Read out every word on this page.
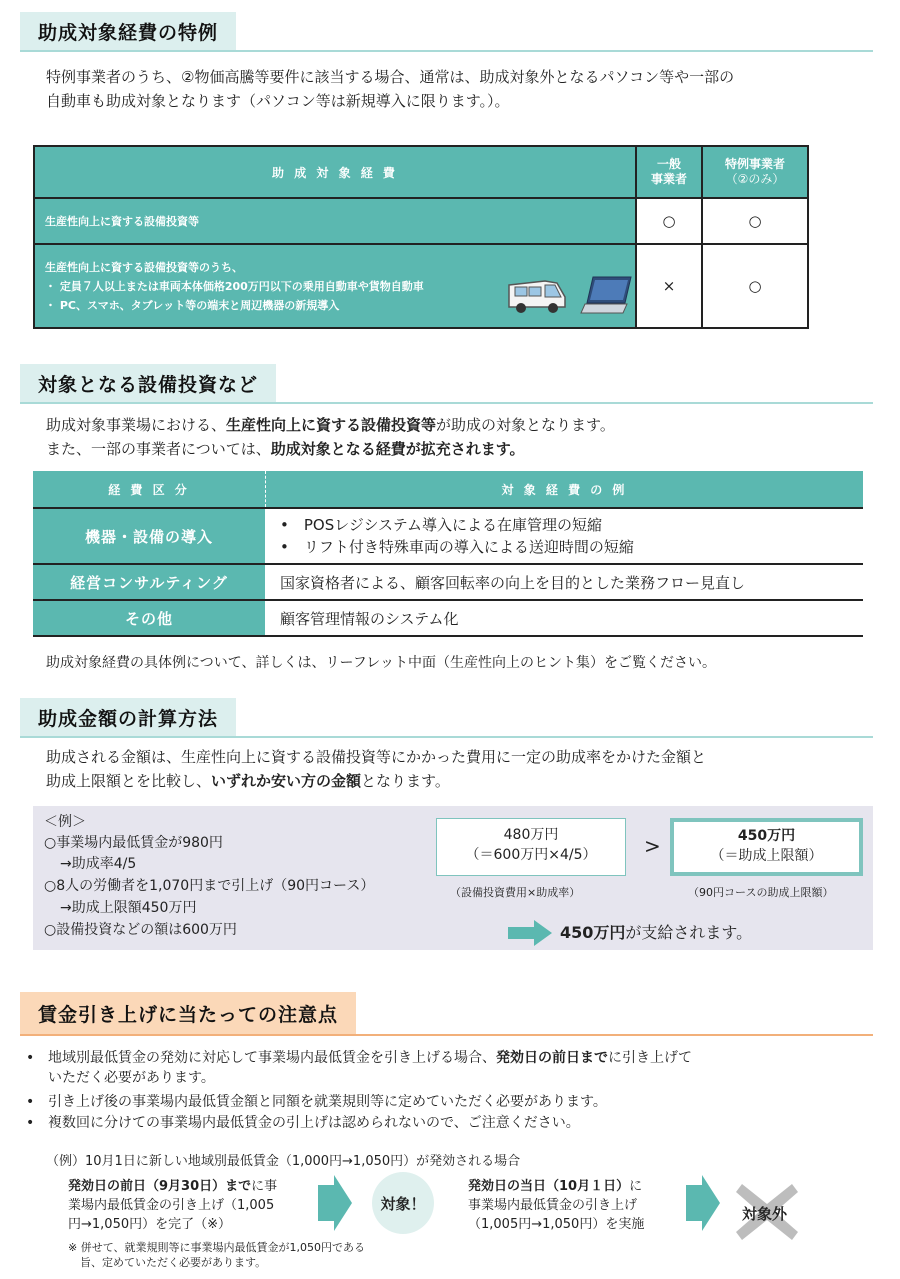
助成対象経費の特例
特例事業者のうち、②物価高騰等要件に該当する場合、通常は、助成対象外となるパソコン等や一部の
自動車も助成対象となります（パソコン等は新規導入に限ります。）。
助 成 対 象 経 費	一般
事業者	特例事業者
（②のみ）
生産性向上に資する設備投資等	○	○

生産性向上に資する設備投資等のうち、
・ 定員７人以上または車両本体価格200万円以下の乗用自動車や貨物自動車
・ PC、スマホ、タブレット等の端末と周辺機器の新規導入	×	○
対象となる設備投資など
助成対象事業場における、生産性向上に資する設備投資等が助成の対象となります。
また、一部の事業者については、助成対象となる経費が拡充されます。
経 費 区 分	対 象 経 費 の 例
機器・設備の導入	•　POSレジシステム導入による在庫管理の短縮
•　リフト付き特殊車両の導入による送迎時間の短縮

経営コンサルティング	国家資格者による、顧客回転率の向上を目的とした業務フロー見直し
その他	顧客管理情報のシステム化
助成対象経費の具体例について、詳しくは、リーフレット中面（生産性向上のヒント集）をご覧ください。
助成金額の計算方法
助成される金額は、生産性向上に資する設備投資等にかかった費用に一定の助成率をかけた金額と
助成上限額とを比較し、いずれか安い方の金額となります。
＜例＞
○事業場内最低賃金が980円
→助成率4/5
○8人の労働者を1,070円まで引上げ（90円コース）
→助成上限額450万円
○設備投資などの額は600万円
480万円
（＝600万円×4/5）
（設備投資費用×助成率）
>	450万円
（＝助成上限額）
（90円コースの助成上限額）
450万円が支給されます。
賃金引き上げに当たっての注意点
• 地域別最低賃金の発効に対応して事業場内最低賃金を引き上げる場合、発効日の前日までに引き上げて
いただく必要があります。
• 引き上げ後の事業場内最低賃金額と同額を就業規則等に定めていただく必要があります。
• 複数回に分けての事業場内最低賃金の引上げは認められないので、ご注意ください。
（例）10月1日に新しい地域別最低賃金（1,000円→1,050円）が発効される場合
発効日の前日（9月30日）までに事
業場内最低賃金の引き上げ（1,005
円→1,050円）を完了（※）
※ 併せて、就業規則等に事業場内最低賃金が1,050円である
旨、定めていただく必要があります。
対象！
発効日の当日（10月１日）に
事業場内最低賃金の引き上げ
（1,005円→1,050円）を実施
対象外
